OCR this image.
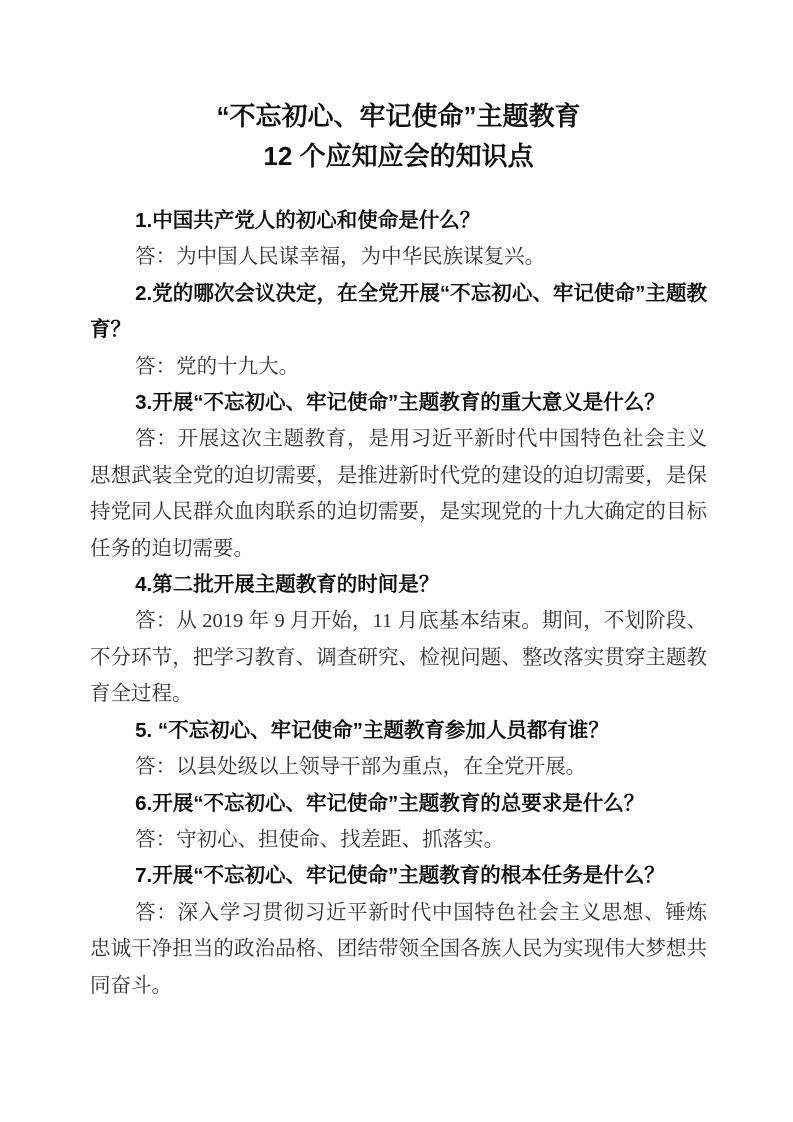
“不忘初心、牢记使命”主题教育
12 个应知应会的知识点

1.中国共产党人的初心和使命是什么？

答：为中国人民谋幸福，为中华民族谋复兴。

2.党的哪次会议决定，在全党开展“不忘初心、牢记使命”主题教育？

答：党的十九大。

3.开展“不忘初心、牢记使命”主题教育的重大意义是什么？

答：开展这次主题教育，是用习近平新时代中国特色社会主义思想武装全党的迫切需要，是推进新时代党的建设的迫切需要，是保持党同人民群众血肉联系的迫切需要，是实现党的十九大确定的目标任务的迫切需要。

4.第二批开展主题教育的时间是？

答：从 2019 年 9 月开始，11 月底基本结束。期间，不划阶段、不分环节，把学习教育、调查研究、检视问题、整改落实贯穿主题教育全过程。

5. “不忘初心、牢记使命”主题教育参加人员都有谁？

答：以县处级以上领导干部为重点，在全党开展。

6.开展“不忘初心、牢记使命”主题教育的总要求是什么？

答：守初心、担使命、找差距、抓落实。

7.开展“不忘初心、牢记使命”主题教育的根本任务是什么？

答：深入学习贯彻习近平新时代中国特色社会主义思想、锤炼忠诚干净担当的政治品格、团结带领全国各族人民为实现伟大梦想共同奋斗。
